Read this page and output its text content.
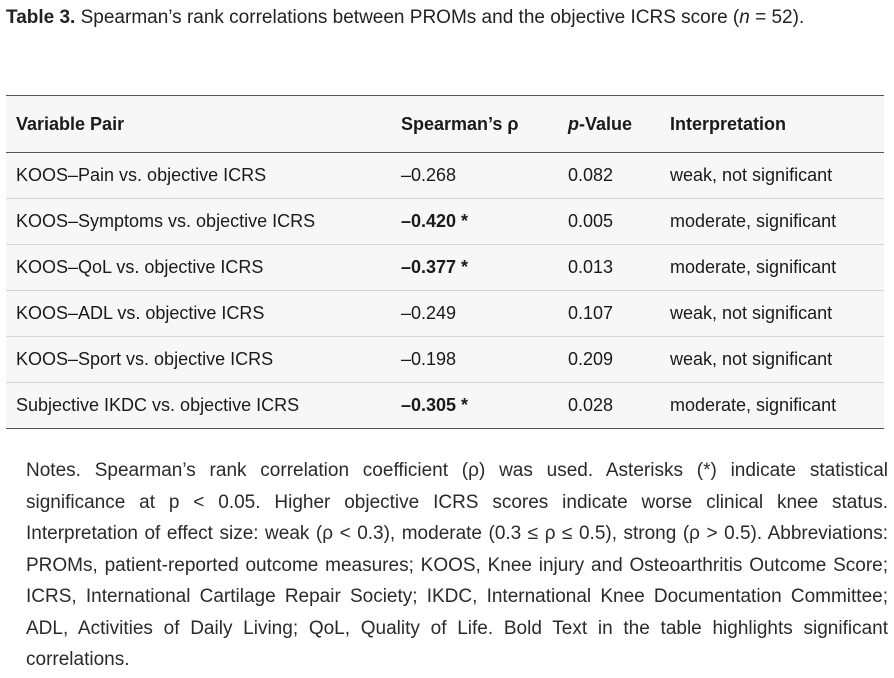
Table 3. Spearman’s rank correlations between PROMs and the objective ICRS score (n = 52).
Variable Pair	Spearman’s ρ	p-Value	Interpretation
KOOS–Pain vs. objective ICRS	–0.268	0.082	weak, not significant
KOOS–Symptoms vs. objective ICRS	–0.420 *	0.005	moderate, significant
KOOS–QoL vs. objective ICRS	–0.377 *	0.013	moderate, significant
KOOS–ADL vs. objective ICRS	–0.249	0.107	weak, not significant
KOOS–Sport vs. objective ICRS	–0.198	0.209	weak, not significant
Subjective IKDC vs. objective ICRS	–0.305 *	0.028	moderate, significant
Notes. Spearman’s rank correlation coefficient (ρ) was used. Asterisks (*) indicate statistical significance at p < 0.05. Higher objective ICRS scores indicate worse clinical knee status. Interpretation of effect size: weak (ρ < 0.3), moderate (0.3 ≤ ρ ≤ 0.5), strong (ρ > 0.5). Abbreviations: PROMs, patient-reported outcome measures; KOOS, Knee injury and Osteoarthritis Outcome Score; ICRS, International Cartilage Repair Society; IKDC, International Knee Documentation Committee; ADL, Activities of Daily Living; QoL, Quality of Life. Bold Text in the table highlights significant correlations.
